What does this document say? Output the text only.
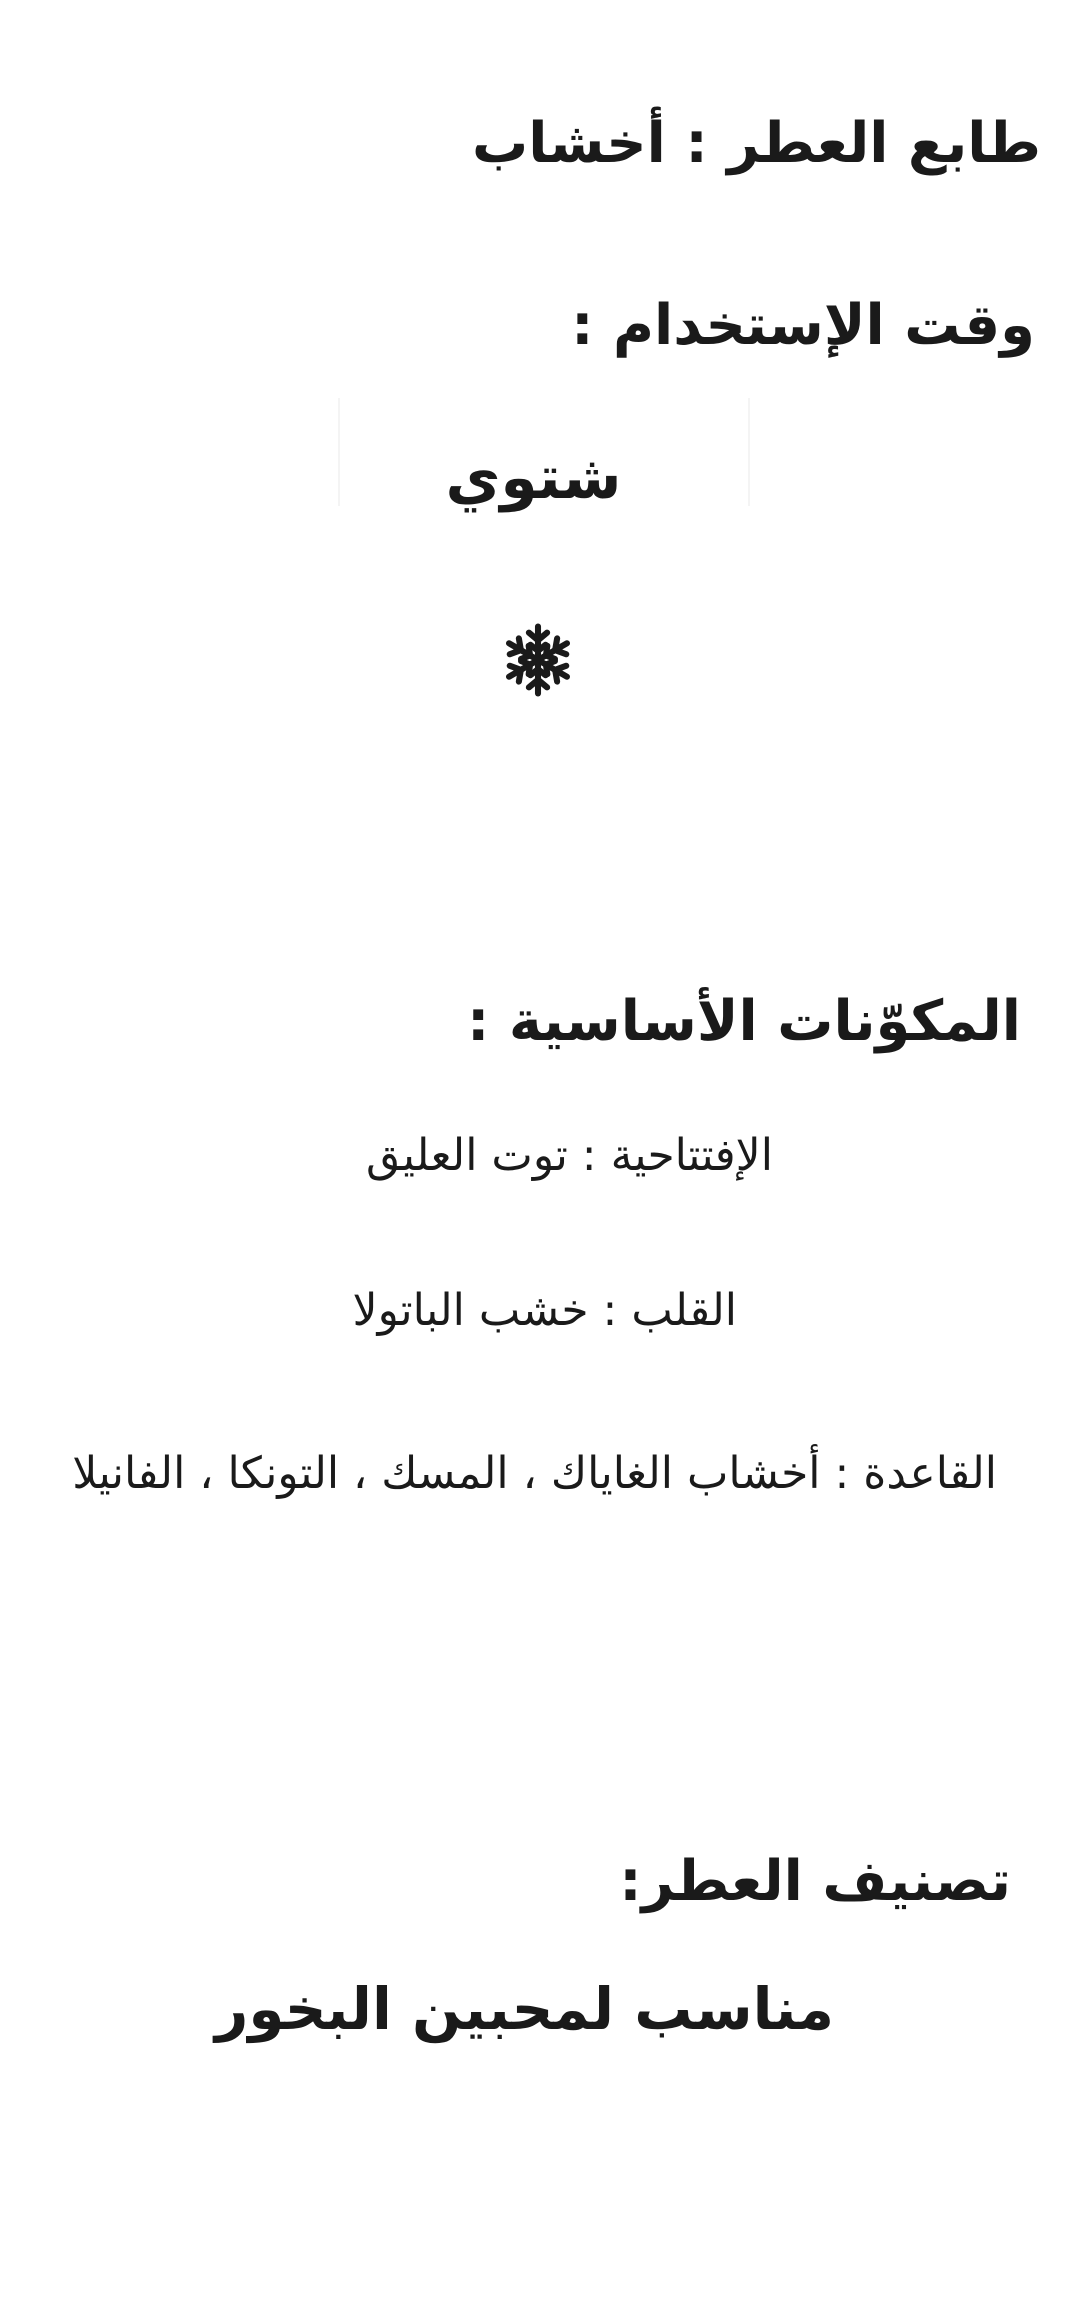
طابع العطر : أخشاب
وقت الإستخدام :
شتوي
المكوّنات الأساسية :
الإفتتاحية : توت العليق
القلب : خشب الباتولا
القاعدة : أخشاب الغاياك ، المسك ، التونكا ، الفانيلا
تصنيف العطر:
مناسب لمحبين البخور
